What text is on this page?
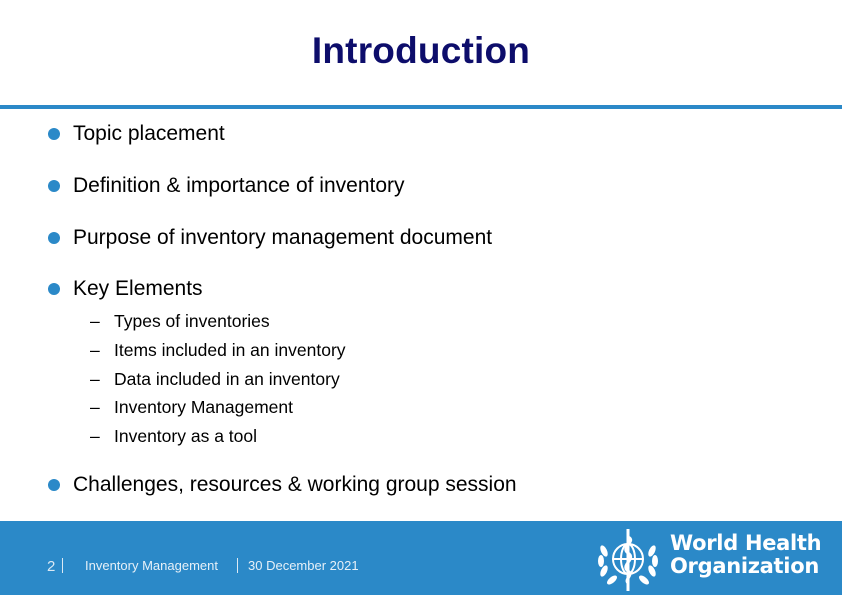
Introduction
Topic placement
Definition & importance of inventory
Purpose of inventory management document
Key Elements
– Types of inventories
– Items included in an inventory
– Data included in an inventory
– Inventory Management
– Inventory as a tool
Challenges, resources & working group session
2 Inventory Management 30 December 2021
World Health
Organization
